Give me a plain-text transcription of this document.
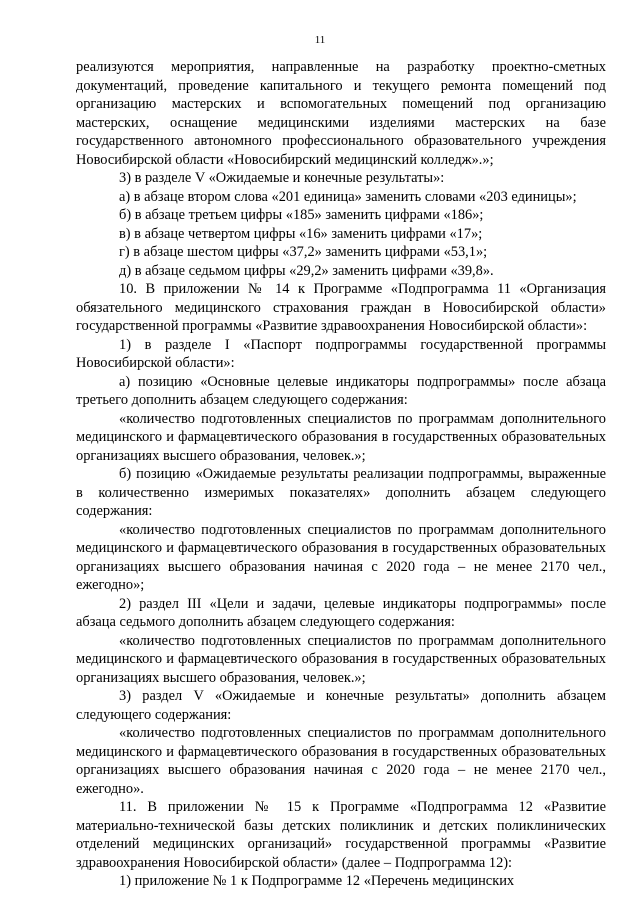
11

реализуются мероприятия, направленные на разработку проектно-сметных документаций, проведение капитального и текущего ремонта помещений под организацию мастерских и вспомогательных помещений под организацию мастерских, оснащение медицинскими изделиями мастерских на базе государственного автономного профессионального образовательного учреждения Новосибирской области «Новосибирский медицинский колледж».»;

3) в разделе V «Ожидаемые и конечные результаты»:

а) в абзаце втором слова «201 единица» заменить словами «203 единицы»;

б) в абзаце третьем цифры «185» заменить цифрами «186»;

в) в абзаце четвертом цифры «16» заменить цифрами «17»;

г) в абзаце шестом цифры «37,2» заменить цифрами «53,1»;

д) в абзаце седьмом цифры «29,2» заменить цифрами «39,8».

10. В приложении № 14 к Программе «Подпрограмма 11 «Организация обязательного медицинского страхования граждан в Новосибирской области» государственной программы «Развитие здравоохранения Новосибирской области»:

1) в разделе I «Паспорт подпрограммы государственной программы Новосибирской области»:

а) позицию «Основные целевые индикаторы подпрограммы» после абзаца третьего дополнить абзацем следующего содержания:

«количество подготовленных специалистов по программам дополнительного медицинского и фармацевтического образования в государственных образовательных организациях высшего образования, человек.»;

б) позицию «Ожидаемые результаты реализации подпрограммы, выраженные в количественно измеримых показателях» дополнить абзацем следующего содержания:

«количество подготовленных специалистов по программам дополнительного медицинского и фармацевтического образования в государственных образовательных организациях высшего образования начиная с 2020 года – не менее 2170 чел., ежегодно»;

2) раздел III «Цели и задачи, целевые индикаторы подпрограммы» после абзаца седьмого дополнить абзацем следующего содержания:

«количество подготовленных специалистов по программам дополнительного медицинского и фармацевтического образования в государственных образовательных организациях высшего образования, человек.»;

3) раздел V «Ожидаемые и конечные результаты» дополнить абзацем следующего содержания:

«количество подготовленных специалистов по программам дополнительного медицинского и фармацевтического образования в государственных образовательных организациях высшего образования начиная с 2020 года – не менее 2170 чел., ежегодно».

11. В приложении № 15 к Программе «Подпрограмма 12 «Развитие материально-технической базы детских поликлиник и детских поликлинических отделений медицинских организаций» государственной программы «Развитие здравоохранения Новосибирской области» (далее – Подпрограмма 12):

1) приложение № 1 к Подпрограмме 12 «Перечень медицинских
